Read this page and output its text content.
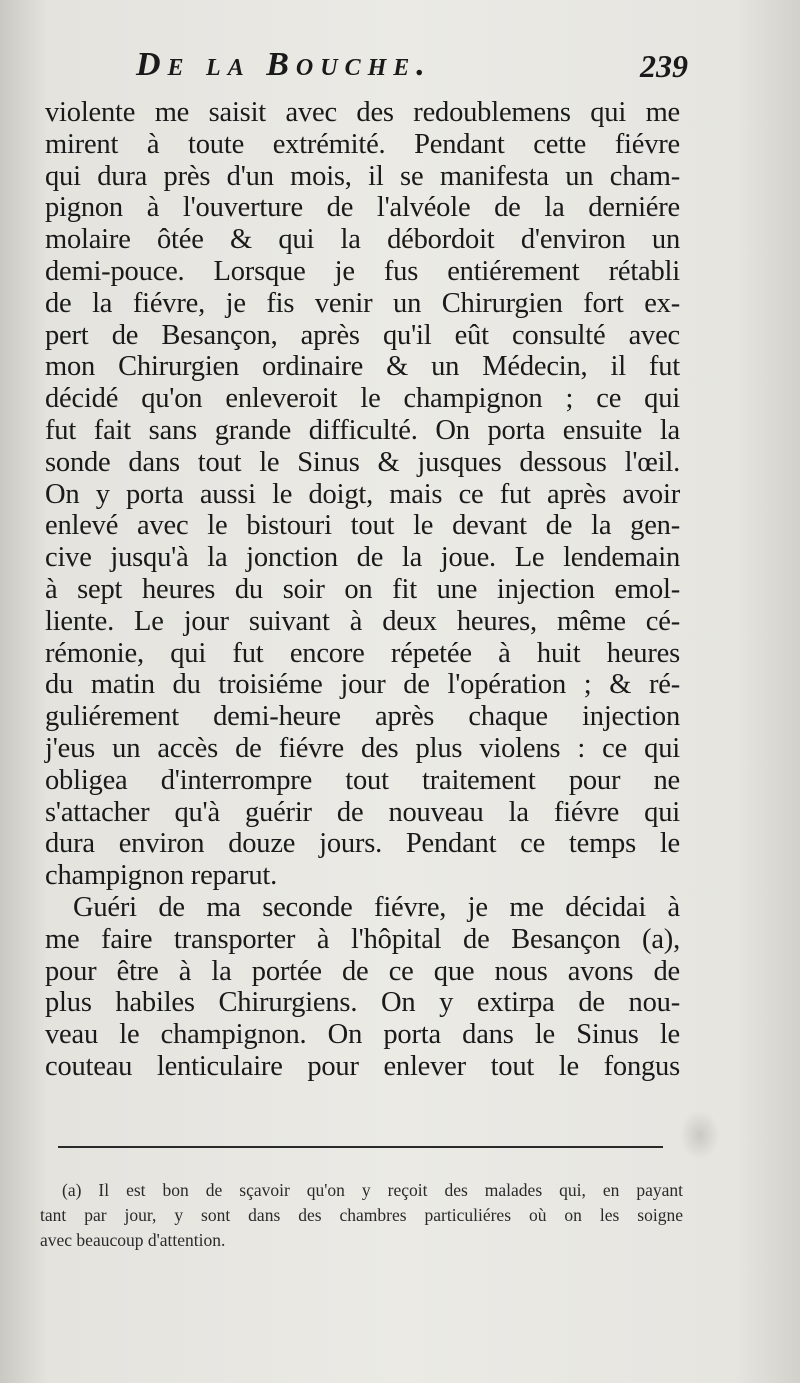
De la Bouche.	239
violente me saisit avec des redoublemens qui me
mirent à toute extrémité. Pendant cette fiévre
qui dura près d'un mois, il se manifesta un cham-
pignon à l'ouverture de l'alvéole de la derniére
molaire ôtée & qui la débordoit d'environ un
demi-pouce. Lorsque je fus entiérement rétabli
de la fiévre, je fis venir un Chirurgien fort ex-
pert de Besançon, après qu'il eût consulté avec
mon Chirurgien ordinaire & un Médecin, il fut
décidé qu'on enleveroit le champignon ; ce qui
fut fait sans grande difficulté. On porta ensuite la
sonde dans tout le Sinus & jusques dessous l'œil.
On y porta aussi le doigt, mais ce fut après avoir
enlevé avec le bistouri tout le devant de la gen-
cive jusqu'à la jonction de la joue. Le lendemain
à sept heures du soir on fit une injection emol-
liente. Le jour suivant à deux heures, même cé-
rémonie, qui fut encore répetée à huit heures
du matin du troisiéme jour de l'opération ; & ré-
guliérement demi-heure après chaque injection
j'eus un accès de fiévre des plus violens : ce qui
obligea d'interrompre tout traitement pour ne
s'attacher qu'à guérir de nouveau la fiévre qui
dura environ douze jours. Pendant ce temps le
champignon reparut.
Guéri de ma seconde fiévre, je me décidai à
me faire transporter à l'hôpital de Besançon (a),
pour être à la portée de ce que nous avons de
plus habiles Chirurgiens. On y extirpa de nou-
veau le champignon. On porta dans le Sinus le
couteau lenticulaire pour enlever tout le fongus
(a) Il est bon de sçavoir qu'on y reçoit des malades qui, en payant
tant par jour, y sont dans des chambres particuliéres où on les soigne
avec beaucoup d'attention.
